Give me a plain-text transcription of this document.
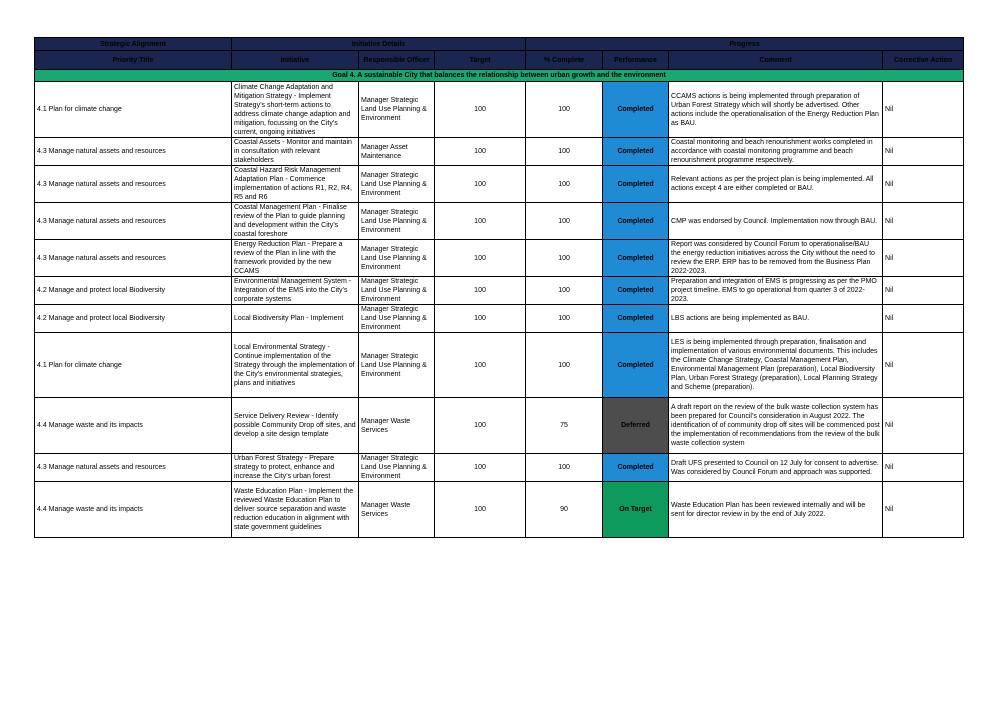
Strategic Alignment	Initiative Details			Progress			
Priority Title	Initiative	Responsible Officer	Target	% Complete	Performance	Comment	Corrective Action
Goal 4. A sustainable City that balances the relationship between urban growth and the environment							
4.1 Plan for climate change	Climate Change Adaptation and Mitigation Strategy - Implement Strategy’s short-term actions to address climate change adaption and mitigation, focussing on the City’s current, ongoing initiatives	Manager Strategic Land Use Planning & Environment	100	100	Completed	CCAMS actions is being implemented through preparation of Urban Forest Strategy which will shortly be advertised. Other actions include the operationalisation of the Energy Reduction Plan as BAU.	Nil
4.3 Manage natural assets and resources	Coastal Assets - Monitor and maintain in consultation with relevant stakeholders	Manager Asset Maintenance	100	100	Completed	Coastal monitoring and beach renourishment works completed in accordance with coastal monitoring programme and beach renourishment programme respectively.	Nil
4.3 Manage natural assets and resources	Coastal Hazard Risk Management Adaptation Plan - Commence implementation of actions R1, R2, R4, R5 and R6	Manager Strategic Land Use Planning & Environment	100	100	Completed	Relevant actions as per the project plan is being implemented. All actions except 4 are either completed or BAU.	Nil
4.3 Manage natural assets and resources	Coastal Management Plan - Finalise review of the Plan to guide planning and development within the City’s coastal foreshore	Manager Strategic Land Use Planning & Environment	100	100	Completed	CMP was endorsed by Council. Implementation now through BAU.	Nil
4.3 Manage natural assets and resources	Energy Reduction Plan - Prepare a review of the Plan in line with the framework provided by the new CCAMS	Manager Strategic Land Use Planning & Environment	100	100	Completed	Report was considered by Council Forum to operationalise/BAU the energy reduction initiatives across the City without the need to review the ERP. ERP has to be removed from the Business Plan 2022-2023.	Nil
4.2 Manage and protect local Biodiversity	Environmental Management System - Integration of the EMS into the City’s corporate systems	Manager Strategic Land Use Planning & Environment	100	100	Completed	Preparation and integration of EMS is progressing as per the PMO project timeline. EMS to go operational from quarter 3 of 2022-2023.	Nil
4.2 Manage and protect local Biodiversity	Local Biodiversity Plan - Implement	Manager Strategic Land Use Planning & Environment	100	100	Completed	LBS actions are being implemented as BAU.	Nil
4.1 Plan for climate change	Local Environmental Strategy - Continue implementation of the Strategy through the implementation of the City’s environmental strategies, plans and initiatives	Manager Strategic Land Use Planning & Environment	100	100	Completed	LES is being implemented through preparation, finalisation and implementation of various environmental documents. This includes the Climate Change Strategy, Coastal Management Plan, Environmental Management Plan (preparation), Local Biodiversity Plan, Urban Forest Strategy (preparation), Local Planning Strategy and Scheme (preparation).	Nil
4.4 Manage waste and its impacts	Service Delivery Review - Identify possible Community Drop off sites, and develop a site design template	Manager Waste Services	100	75	Deferred	A draft report on the review of the bulk waste collection system has been prepared for Council’s consideration in August 2022. The identification of of community drop off sites will be commenced post the implementation of recommendations from the review of the bulk waste collection system	Nil
4.3 Manage natural assets and resources	Urban Forest Strategy - Prepare strategy to protect, enhance and increase the City’s urban forest	Manager Strategic Land Use Planning & Environment	100	100	Completed	Draft UFS presented to Council on 12 July for consent to advertise. Was considered by Council Forum and approach was supported.	Nil
4.4 Manage waste and its impacts	Waste Education Plan - Implement the reviewed Waste Education Plan to deliver source separation and waste reduction education in alignment with state government guidelines	Manager Waste Services	100	90	On Target	Waste Education Plan has been reviewed internally and will be sent for director review in by the end of July 2022.	Nil
